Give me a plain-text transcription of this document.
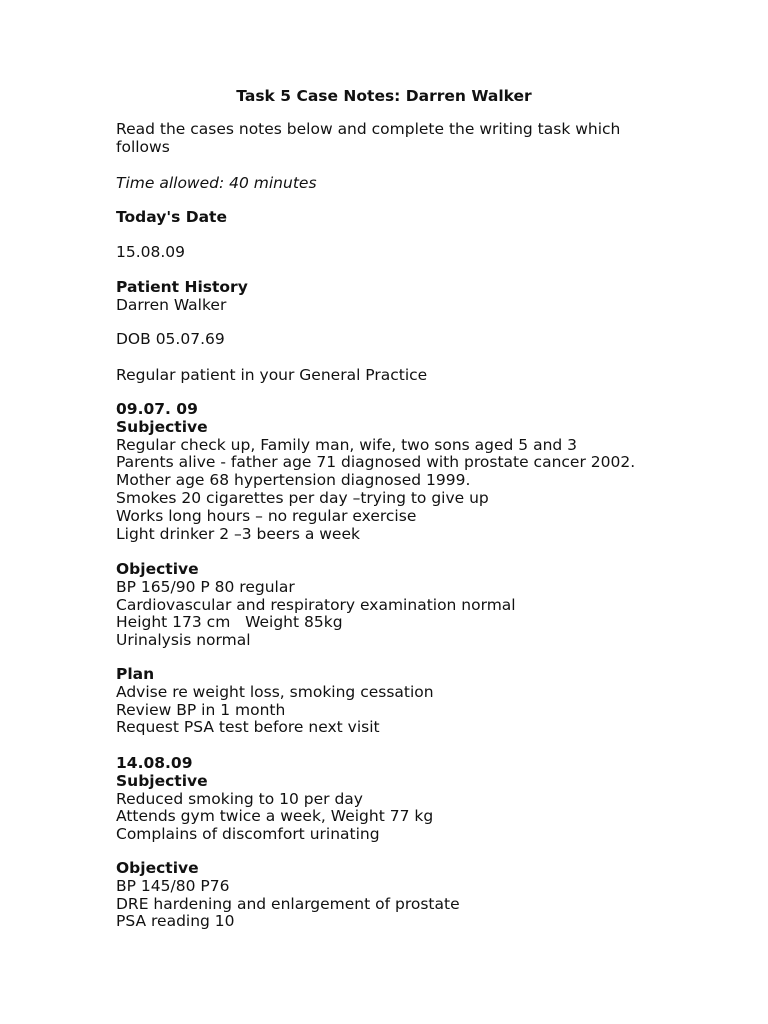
Task 5 Case Notes: Darren Walker
Read the cases notes below and complete the writing task which follows
Time allowed: 40 minutes
Today's Date
15.08.09
Patient History
Darren Walker
DOB 05.07.69
Regular patient in your General Practice
09.07. 09
Subjective
Regular check up, Family man, wife, two sons aged 5 and 3
Parents alive - father age 71 diagnosed with prostate cancer 2002.
Mother age 68 hypertension diagnosed 1999.
Smokes 20 cigarettes per day –trying to give up
Works long hours – no regular exercise
Light drinker 2 –3 beers a week
Objective
BP 165/90 P 80 regular
Cardiovascular and respiratory examination normal
Height 173 cm   Weight 85kg
Urinalysis normal
Plan
Advise re weight loss, smoking cessation
Review BP in 1 month
Request PSA test before next visit
14.08.09
Subjective
Reduced smoking to 10 per day
Attends gym twice a week, Weight 77 kg
Complains of discomfort urinating
Objective
BP 145/80 P76
DRE hardening and enlargement of prostate
PSA reading 10
